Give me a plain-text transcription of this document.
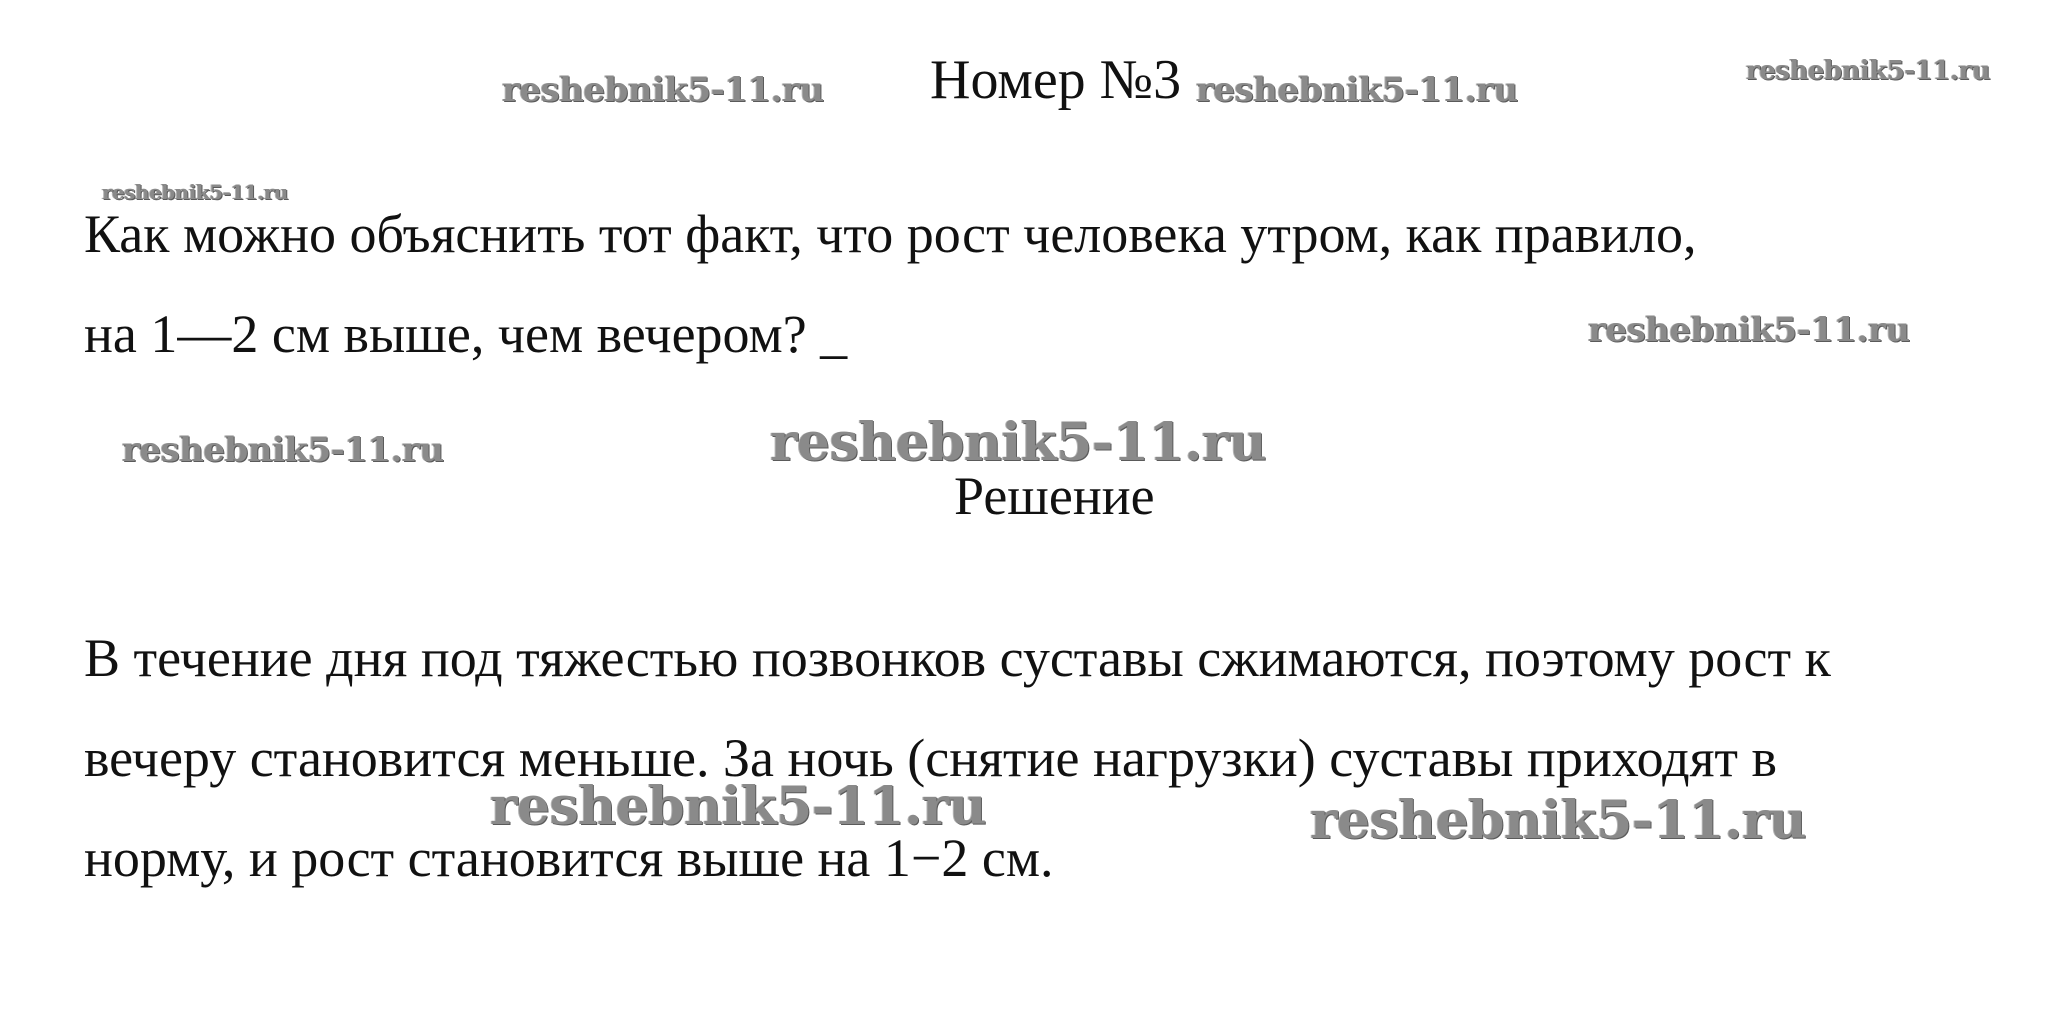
Номер №3
Как можно объяснить тот факт, что рост человека утром, как правило,
на 1—2 см выше, чем вечером? _
Решение
В течение дня под тяжестью позвонков суставы сжимаются, поэтому рост к
вечеру становится меньше. За ночь (снятие нагрузки) суставы приходят в
норму, и рост становится выше на 1−2 см.
reshebnik5-11.ru	reshebnik5-11.ru	reshebnik5-11.ru
reshebnik5-11.ru
reshebnik5-11.ru
reshebnik5-11.ru	reshebnik5-11.ru
reshebnik5-11.ru	reshebnik5-11.ru
